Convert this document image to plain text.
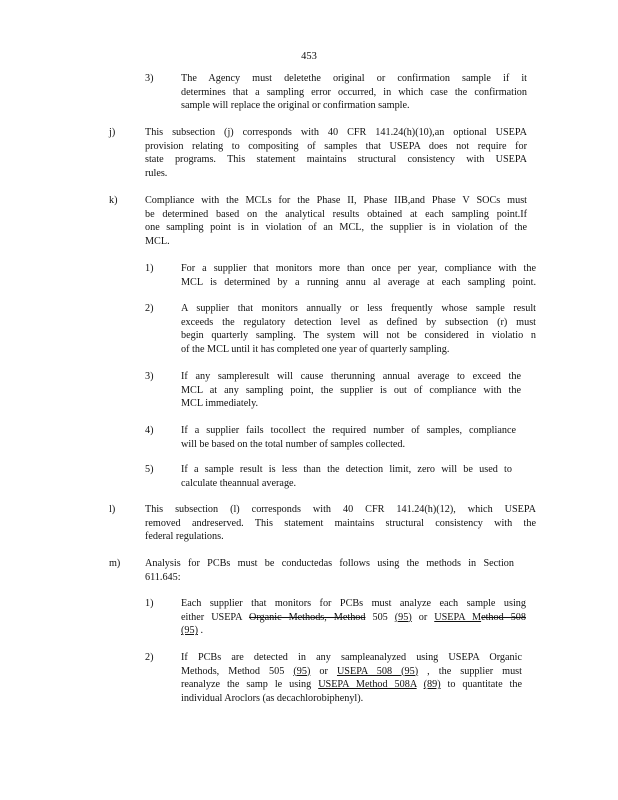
453
3)	The Agency must deletethe original or confirmation sample if it
determines that a sampling error occurred, in which case the confirmation
sample will replace the original or confirmation sample.
j)	This subsection (j) corresponds with 40 CFR 141.24(h)(10),an optional USEPA
provision relating to compositing of samples that USEPA does not require for
state programs. This statement maintains structural consistency with USEPA
rules.
k)	Compliance with the MCLs for the Phase II, Phase IIB,and Phase V SOCs must
be determined based on the analytical results obtained at each sampling point.If
one sampling point is in violation of an MCL, the supplier is in violation of the
MCL.
1)	For a supplier that monitors more than once per year, compliance with the
MCL is determined by a running annu al average at each sampling point.
2)	A supplier that monitors annually or less frequently whose sample result
exceeds the regulatory detection level as defined by subsection (r) must
begin quarterly sampling. The system will not be considered in violatio n
of the MCL until it has completed one year of quarterly sampling.
3)	If any sampleresult will cause therunning annual average to exceed the
MCL at any sampling point, the supplier is out of compliance with the
MCL immediately.
4)	If a supplier fails tocollect the required number of samples, compliance
will be based on the total number of samples collected.
5)	If a sample result is less than the detection limit, zero will be used to
calculate theannual average.
l)	This subsection (l) corresponds with 40 CFR 141.24(h)(12), which USEPA
removed andreserved. This statement maintains structural consistency with the
federal regulations.
m) Analysis for PCBs must be conductedas follows using the methods in Section
611.645:
1)	Each supplier that monitors for PCBs must analyze each sample using
either USEPA Organic Methods, Method 505 (95) or USEPA Method 508
(95) .
2)	If PCBs are detected in any sampleanalyzed using USEPA Organic
Methods, Method 505 (95) or USEPA 508 (95) , the supplier must
reanalyze the samp le using USEPA Method 508A (89) to quantitate the
individual Aroclors (as decachlorobiphenyl).
